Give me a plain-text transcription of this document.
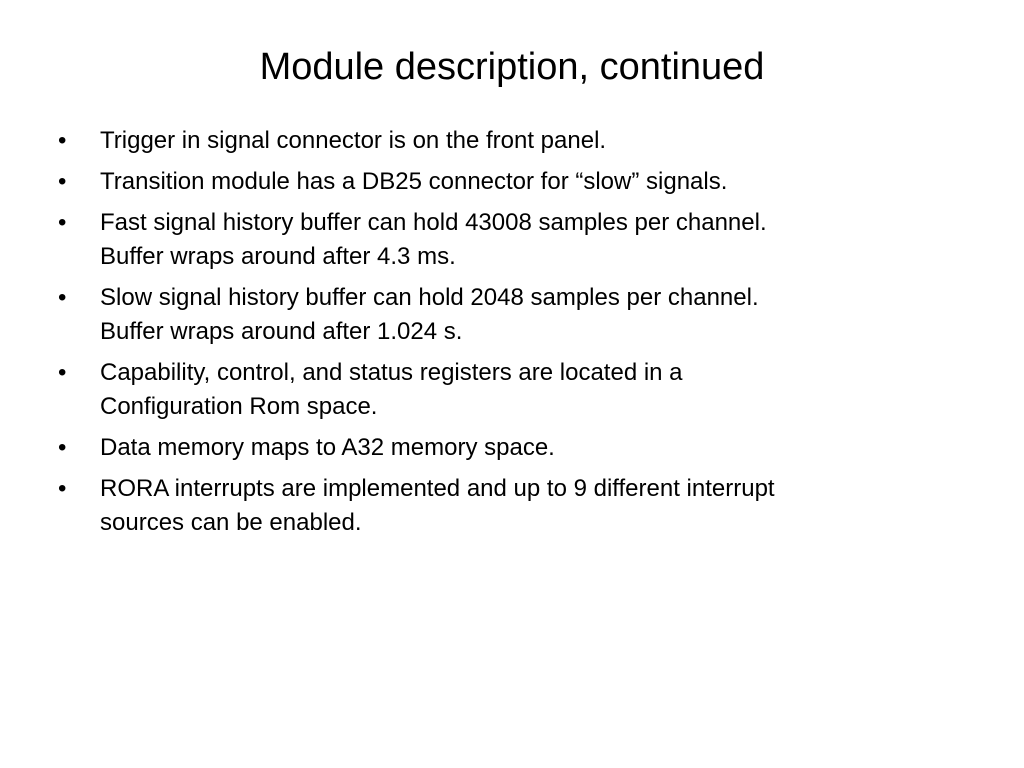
Module description, continued
•	Trigger in signal connector is on the front panel.
•	Transition module has a DB25 connector for “slow” signals.
•	Fast signal history buffer can hold 43008 samples per channel.
Buffer wraps around after 4.3 ms.
•	Slow signal history buffer can hold 2048 samples per channel.
Buffer wraps around after 1.024 s.
•	Capability, control, and status registers are located in a
Configuration Rom space.
•	Data memory maps to A32 memory space.
•	RORA interrupts are implemented and up to 9 different interrupt
sources can be enabled.
